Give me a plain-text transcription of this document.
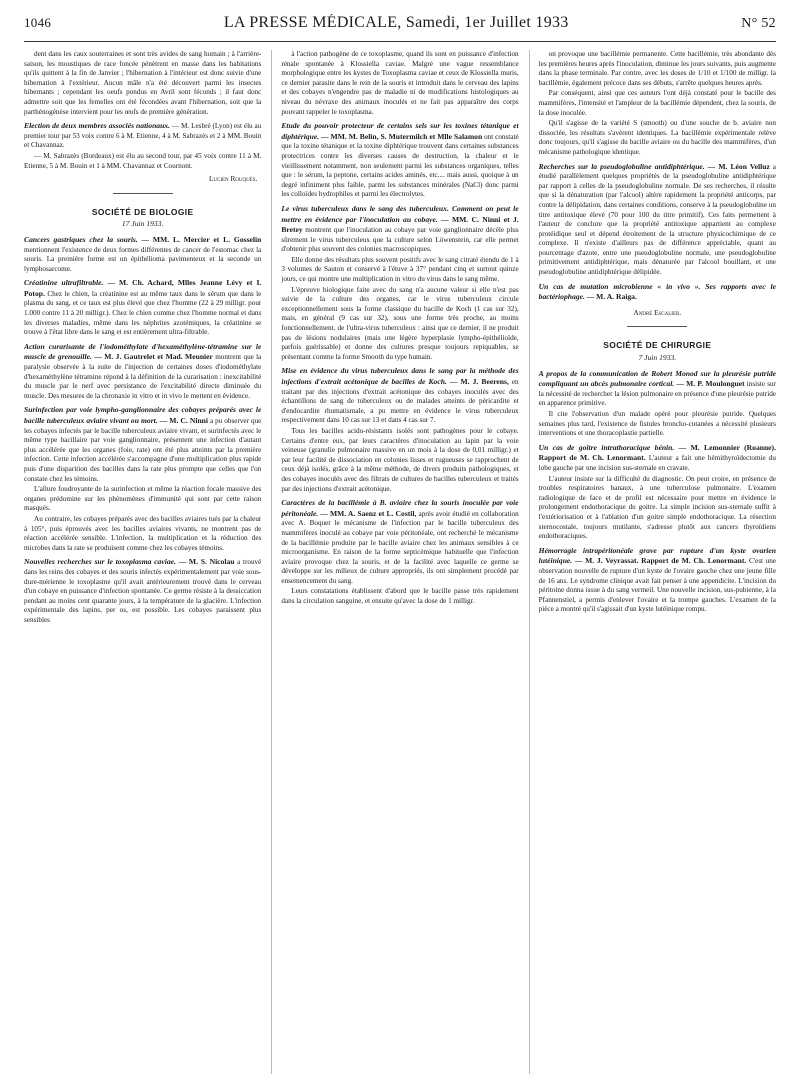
1046	LA PRESSE MÉDICALE, Samedi, 1er Juillet 1933	N° 52

dent dans les caux souterraines et sont très avides de sang humain ; à l'arrière-saison, les moustiques de race foncée pénètrent en masse dans les habitations qu'ils quittent à la fin de Janvier ; l'hibernation à l'intérieur est donc suivie d'une hibernation à l'extérieur. Aucun mâle n'a été découvert parmi les insectes hibernants ; cependant les oeufs pondus en Avril sont féconds ; il faut donc admettre soit que les femelles ont été fécondées avant l'hibernation, soit que la parthénogénèse intervient pour les œufs de première génération.

Election de deux membres associés nationaux. — M. Lesbré (Lyon) est élu au premier tour par 53 voix contre 6 à M. Etienne, 4 à M. Sabrazès et 2 à MM. Bouin et Chavannaz.

— M. Sabrazès (Bordeaux) est élu au second tour, par 45 voix contre 11 à M. Etienne, 5 à M. Bouin et 1 à MM. Chavannaz et Cournont.

Lucien Rouquès.
SOCIÉTÉ DE BIOLOGIE
17 Juin 1933.

Cancers gastriques chez la souris. — MM. L. Mercier et L. Gosselin mentionnent l'existence de deux formes différentes de cancer de l'estomac chez la souris. La première forme est un épithélioma pavimenteux et la seconde un lymphosarcome.

Créatinine ultrafiltrable. — M. Ch. Achard, Mlles Jeanne Lévy et I. Potop. Chez le chien, la créatinine est au même taux dans le sérum que dans le plasma du sang, et ce taux est plus élevé que chez l'homme (22 à 29 milligr. pour 1.000 contre 11 à 20 milligr.). Chez le chien comme chez l'homme normal et dans les diverses maladies, même dans les néphrites azotémiques, la créatinine se trouve à l'état libre dans le sang et est entièrement ultra-filtrable.

Action curarisante de l'iodométhylate d'hexaméthylène-tétramine sur le muscle de grenouille. — M. J. Gautrelet et Mad. Meunier montrent que la paralysie observée à la suite de l'injection de certaines doses d'iodométhylate d'hexaméthylène tétramine répond à la définition de la curarisation : inexcitabilité du muscle par le nerf avec persistance de l'excitabilité directe diminuée du muscle. Des mesures de la chronaxie in vitro et in vivo le mettent en évidence.

Surinfection par voie lympho-ganglionnaire des cobayes préparés avec le bacille tuberculeux aviaire vivant ou mort. — M. C. Ninni a pu observer que les cobayes infectés par le bacille tuberculeux aviaire vivant, et surinfectés avec le même type bacillaire par voie ganglionnaire, présentent une infection d'autant plus accélérée que les organes (foie, rate) ont été plus atteints par la première infection. Cette infection accélérée s'accompagne d'une multiplication plus rapide puis d'une disparition des bacilles dans la rate plus prompte que celles que l'on constate chez les témoins.

L'allure foudroyante de la surinfection et même la réaction focale massive des organes prédomine sur les phénomènes d'immunité qui sont par cette raison masqués.

Au contraire, les cobayes préparés avec des bacilles aviaires tués par la chaleur à 105°, puis éprouvés avec les bacilles aviaires vivants, ne montrent pas de réaction accélérée sensible. L'infection, la multiplication et la réduction des microbes dans la rate se produisent comme chez les cobayes témoins.

Nouvelles recherches sur le toxoplasma caviae. — M. S. Nicolau a trouvé dans les reins des cobayes et des souris infectés expérimentalement par voie sous-dure-mérienne le toxoplasme qu'il avait antérieurement trouvé dans le cerveau d'un cobaye en puissance d'infection spontanée. Ce germe résiste à la dessiccation pendant au moins cent quarante jours, à la température de la glacière. L'infection expérimentale des lapins, per os, est possible. Les cobayes paraissent plus sensibles

à l'action pathogène de ce toxoplasme, quand ils sont en puissance d'infection rénale spontanée à Klossiella caviae. Malgré une vague ressemblance morphologique entre les kystes de Toxoplasma caviae et ceux de Klossiella muris, ce dernier parasite dans le rein de la souris et introduit dans le cerveau des lapins et des cobayes n'engendre pas de maladie ni de modifications histologiques au niveau du névraxe des animaux inoculés et ne fait pas apparaître des corps pouvant rappeler le toxoplasma.

Etude du pouvoir protecteur de certains sels sur les toxines tétanique et diphtérique. — MM. M. Belin, S. Mutermilch et Mlle Salamon ont constaté que la toxine tétanique et la toxine diphtérique trouvent dans certaines substances protectrices contre les diverses causes de destruction, la chaleur et le vieillissement notamment, non seulement parmi les substances organiques, telles que : le sérum, la peptone, certains acides aminés, etc.... mais aussi, quoique à un degré infiniment plus faible, parmi les substances minérales (NaCl) donc parmi les colloïdes hydrophiles et parmi les électrolytes.

Le virus tuberculeux dans le sang des tuberculeux. Comment on peut le mettre en évidence par l'inoculation au cobaye. — MM. C. Ninni et J. Bretey montrent que l'inoculation au cobaye par voie ganglionnaire décèle plus sûrement le virus tuberculeux que la culture selon Löwenstein, car elle permet d'obtenir plus souvent des colonies macroscopiques.

Elle donne des résultats plus souvent positifs avec le sang citraté étendu de 1 à 3 volumes de Sauton et conservé à l'étuve à 37° pendant cinq et surtout quinze jours, ce qui montre une multiplication in vitro du virus dans le sang même.

L'épreuve biologique faite avec du sang n'a aucune valeur si elle n'est pas suivie de la culture des organes, car le virus tuberculeux circule exceptionnellement sous la forme classique du bacille de Koch (1 cas sur 32), mais, en général (9 cas sur 32), sous une forme très proche, au moins fonctionnellement, de l'ultra-virus tuberculeux : ainsi que ce dernier, il ne produit pas de lésions nodulaires (mais une légère hyperplasie lympho-épithélioïde, parfois guérissable) et donne des cultures presque toujours repiquables, se présentant comme la forme Smooth du type humain.

Mise en évidence du virus tuberculeux dans le sang par la méthode des injections d'extrait acétonique de bacilles de Koch. — M. J. Beerens, en traitant par des injections d'extrait acétonique des cobayes inoculés avec des échantillons de sang de tuberculeux ou de malades atteints de péricardite et d'endocardite rhumatismale, a pu mettre en évidence le virus tuberculeux respectivement dans 10 cas sur 13 et dans 4 cas sur 7.

Tous les bacilles acido-résistants isolés sont pathogènes pour le cobaye. Certains d'entre eux, par leurs caractères d'inoculation au lapin par la voie veineuse (granulie pulmonaire massive en un mois à la dose de 0,01 milligr.) et par leur facilité de dissociation en colonies lisses et rugueuses se rapprochent de ceux déjà isolés, grâce à la même méthode, de divers produits pathologiques, et des cobayes inoculés avec des filtrats de cultures de bacilles tuberculeux et traités par des injections d'extrait acétonique.

Caractères de la bacillémie à B. aviaire chez la souris inoculée par voie péritonéale. — MM. A. Saenz et L. Costil, après avoir étudié en collaboration avec A. Boquet le mécanisme de l'infection par le bacille tuberculeux des mammifères inoculé au cobaye par voie péritonéale, ont recherché le mécanisme de la bacillémie produite par le bacille aviaire chez les animaux sensibles à ce microorganisme. En raison de la forme septicémique habituelle que l'infection aviaire provoque chez la souris, et de la facilité avec laquelle ce germe se développe sur les milieux de culture appropriés, ils ont simplement procédé par ensemencement du sang.

Leurs constatations établissent d'abord que le bacille passe très rapidement dans la circulation sanguine, et ensuite qu'avec la dose de 1 milligr.

on provoque une bacillémie permanente. Cette bacillémie, très abondante dès les premières heures après l'inoculation, diminue les jours suivants, puis augmente dans la phase terminale. Par contre, avec les doses de 1/10 et 1/100 de milligr. la bacillémie, également précoce dans ses débuts, s'arrête quelques heures après.

Par conséquent, ainsi que ces auteurs l'ont déjà constaté pour le bacille des mammifères, l'intensité et l'ampleur de la bacillémie dépendent, chez la souris, de la dose inoculée.

Qu'il s'agisse de la variété S (smooth) ou d'une souche de b. aviaire non dissociée, les résultats s'avèrent identiques. La bacillémie expérimentale relève donc toujours, qu'il s'agisse du bacille aviaire ou du bacille des mammifères, d'un mécanisme pathologique identique.

Recherches sur la pseudoglobuline antidiphtérique. — M. Léon Velluz a étudié parallèlement quelques propriétés de la pseudoglobuline antidiphtérique par rapport à celles de la pseudoglobuline normale. De ses recherches, il résulte que si la dénaturation (par l'alcool) altère rapidement la propriété anticorps, par contre la délipidation, dans certaines conditions, conserve à la pseudoglobuline un titre antitoxique élevé (70 pour 100 du titre primitif). Ces faits permettent à l'auteur de conclure que la propriété antitoxique appartient au complexe protéidique seul et dépend étroitement de la structure physicochimique de ce complexe. Il n'existe d'ailleurs pas de différence appréciable, quant au pourcentage d'azote, entre une pseudoglobuline normale, une pseudoglobuline primitivement antidiphtérique, mais dénaturée par l'alcool bouillant, et une pseudoglobuline antidiphtérique délipidée.

Un cas de mutation microbienne « in vivo ». Ses rapports avec le bactériophage. — M. A. Raiga.

André Escalier.
SOCIÉTÉ DE CHIRURGIE
7 Juin 1933.

A propos de la communication de Robert Monod sur la pleurésie putride compliquant un abcès pulmonaire cortical. — M. P. Moulonguet insiste sur la nécessité de rechercher la lésion pulmonaire en présence d'une pleurésie putride en apparence primitive.

Il cite l'observation d'un malade opéré pour pleurésie putride. Quelques semaines plus tard, l'existence de fistules broncho-cutanées a nécessité plusieurs interventions et une thoracoplastie partielle.

Un cas de goitre intrathoracique bénin. — M. Lemonnier (Roanne). Rapport de M. Ch. Lenormant. L'auteur a fait une hémithyroïdectomie du lobe gauche par une incision sus-sternale en cravate.

L'auteur insiste sur la difficulté du diagnostic. On peut croire, en présence de troubles respiratoires banaux, à une tuberculose pulmonaire. L'examen radiologique de face et de profil est nécessaire pour mettre en évidence le prolongement endothoracique du goitre. La simple incision sus-sternale suffit à l'extériorisation et à l'ablation d'un goitre simple endothoracique. La résection sternocostale, toujours mutilante, s'adresse plutôt aux cancers thyroïdiens endothoraciques.

Hémorragie intrapéritonéale grave par rupture d'un kyste ovarien lutéinique. — M. J. Veyrassat. Rapport de M. Ch. Lenormant. C'est une observation nouvelle de rupture d'un kyste de l'ovaire gauche chez une jeune fille de 16 ans. Le syndrome clinique avait fait penser à une appendicite. L'incision du péritoine donna issue à du sang vermeil. Une nouvelle incision, sus-pubienne, à la Pfannenstiel, a permis d'enlever l'ovaire et la trompe gauches. L'examen de la pièce a montré qu'il s'agissait d'un kyste lutéinique rompu.
